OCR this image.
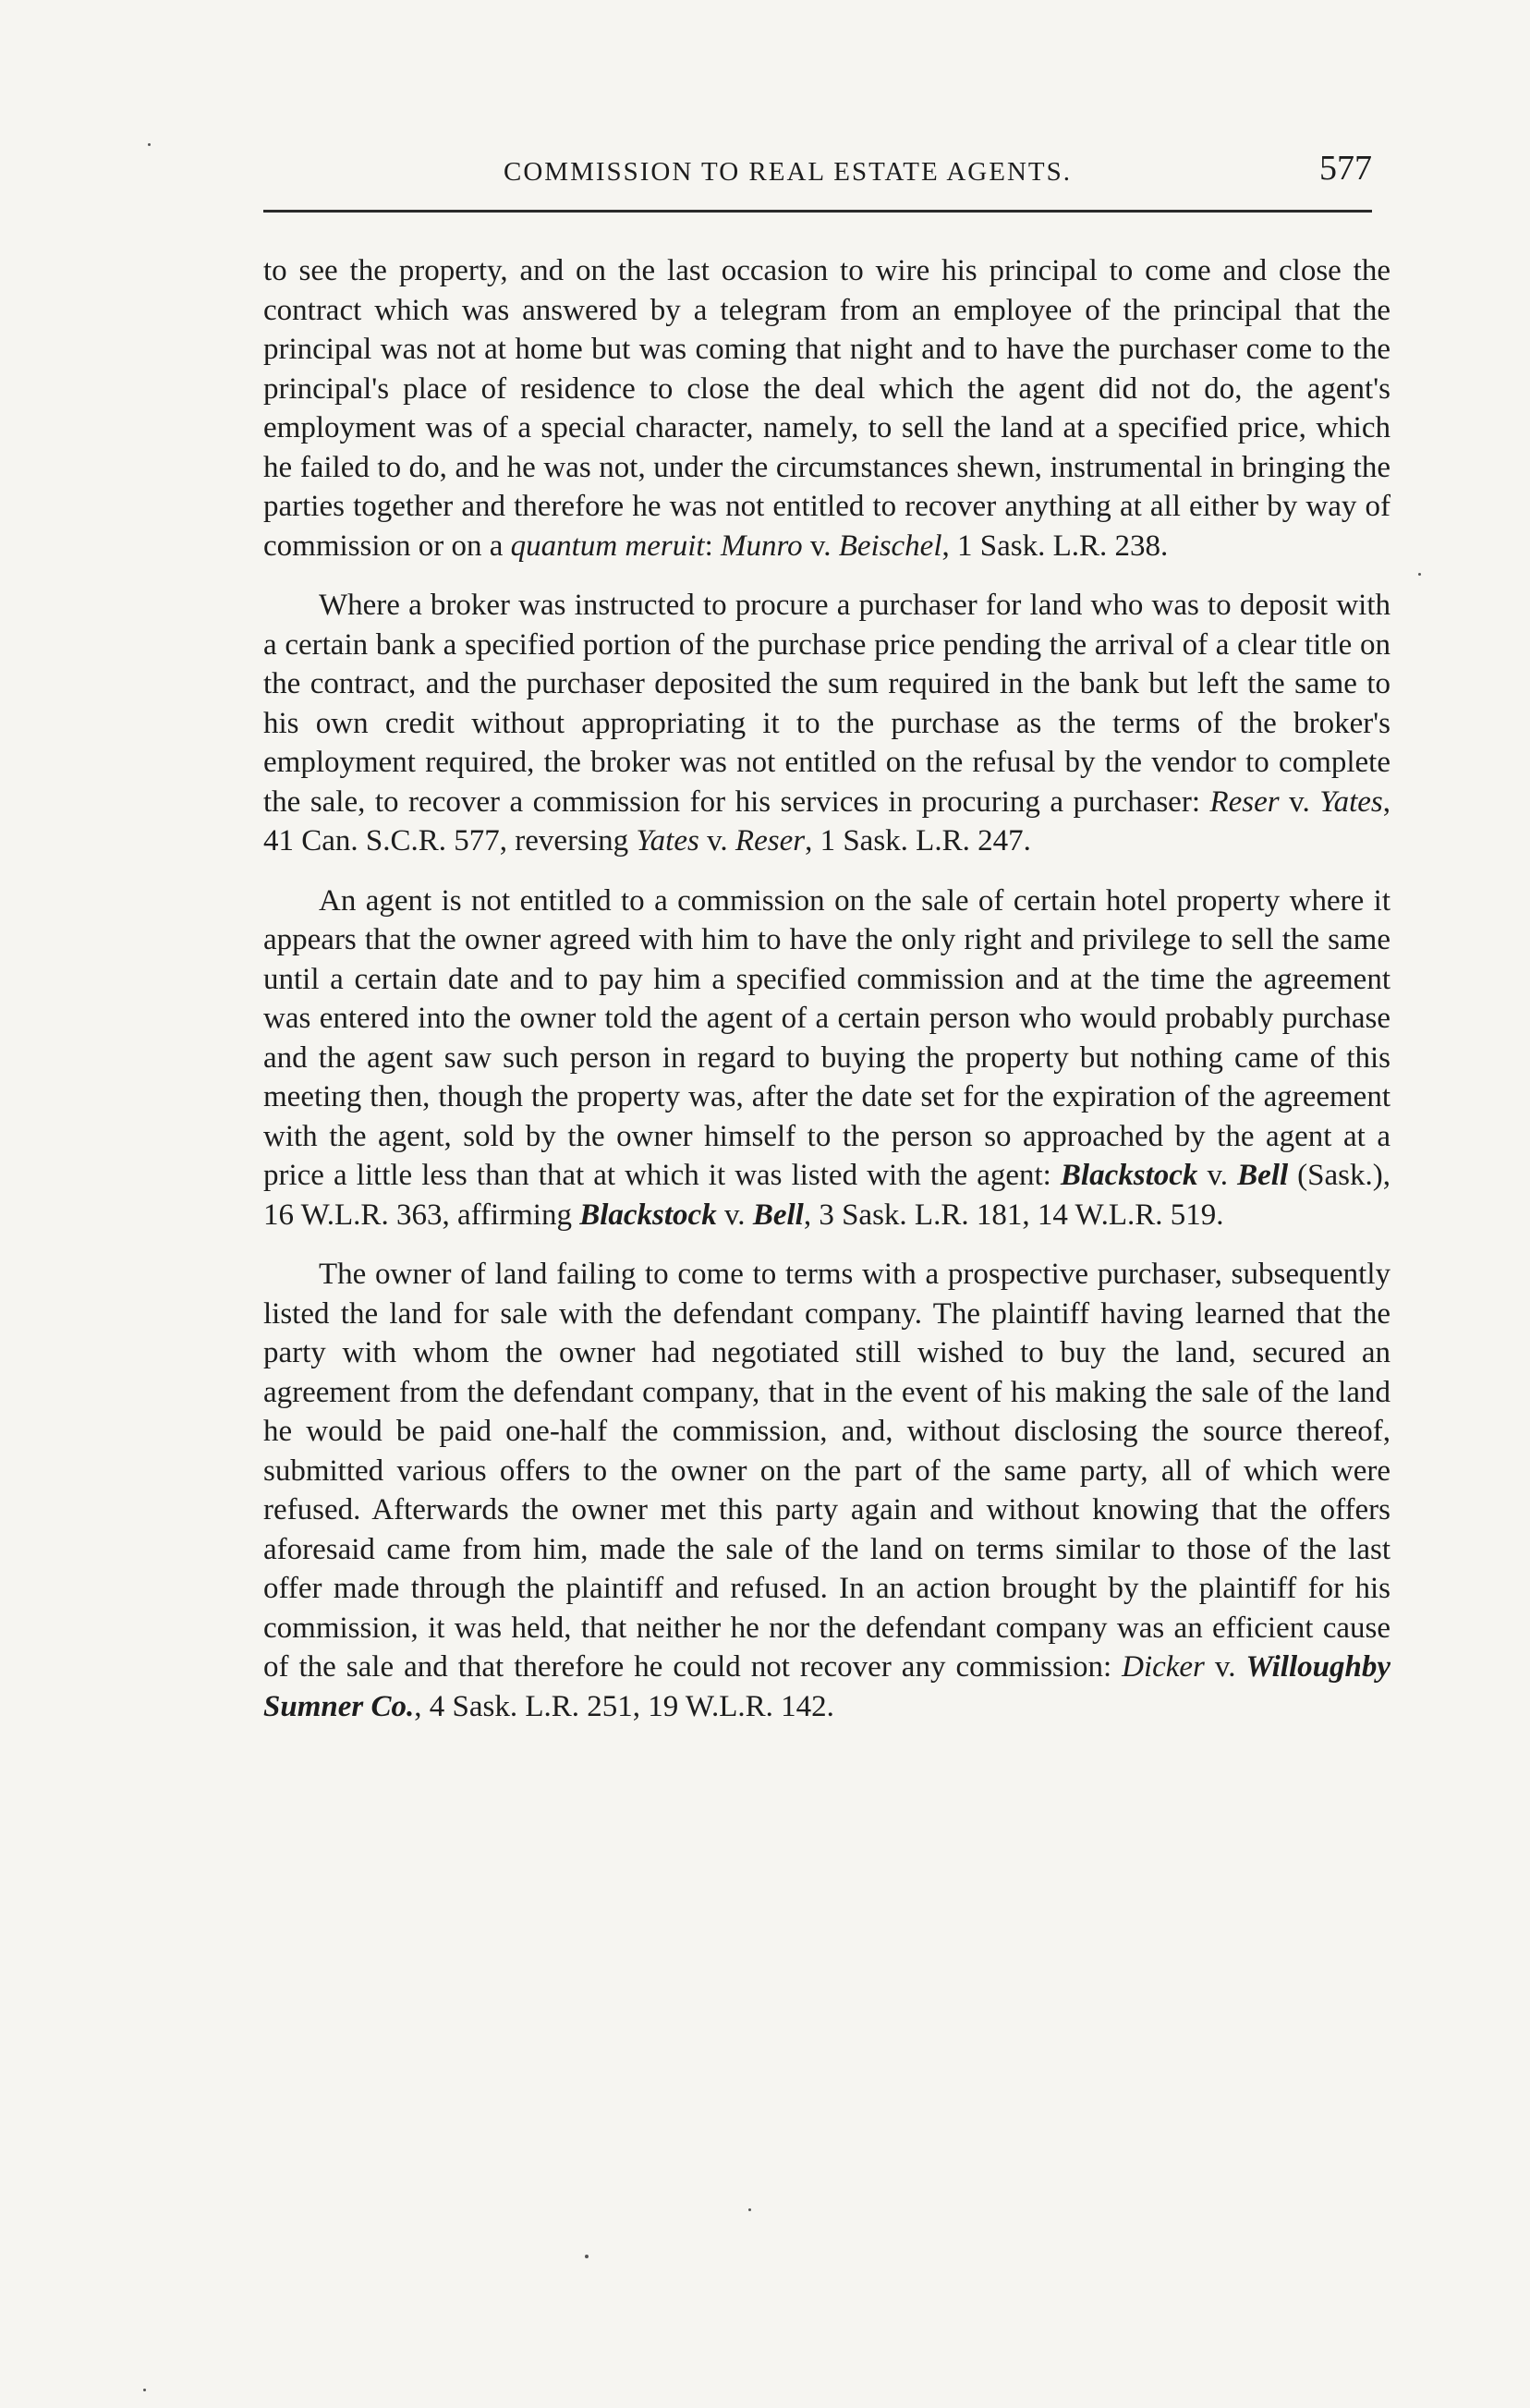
COMMISSION TO REAL ESTATE AGENTS.	577

to see the property, and on the last occasion to wire his principal to come and close the contract which was answered by a telegram from an employee of the principal that the principal was not at home but was coming that night and to have the purchaser come to the principal's place of residence to close the deal which the agent did not do, the agent's employment was of a special character, namely, to sell the land at a specified price, which he failed to do, and he was not, under the circumstances shewn, instrumental in bringing the parties together and therefore he was not entitled to recover anything at all either by way of commission or on a quantum meruit: Munro v. Beischel, 1 Sask. L.R. 238.

Where a broker was instructed to procure a purchaser for land who was to deposit with a certain bank a specified portion of the purchase price pending the arrival of a clear title on the contract, and the purchaser deposited the sum required in the bank but left the same to his own credit without appropriating it to the purchase as the terms of the broker's employment required, the broker was not entitled on the refusal by the vendor to complete the sale, to recover a commission for his services in procuring a purchaser: Reser v. Yates, 41 Can. S.C.R. 577, reversing Yates v. Reser, 1 Sask. L.R. 247.

An agent is not entitled to a commission on the sale of certain hotel property where it appears that the owner agreed with him to have the only right and privilege to sell the same until a certain date and to pay him a specified commission and at the time the agreement was entered into the owner told the agent of a certain person who would probably purchase and the agent saw such person in regard to buying the property but nothing came of this meeting then, though the property was, after the date set for the expiration of the agreement with the agent, sold by the owner himself to the person so approached by the agent at a price a little less than that at which it was listed with the agent: Blackstock v. Bell (Sask.), 16 W.L.R. 363, affirming Blackstock v. Bell, 3 Sask. L.R. 181, 14 W.L.R. 519.

The owner of land failing to come to terms with a prospective purchaser, subsequently listed the land for sale with the defendant company. The plaintiff having learned that the party with whom the owner had negotiated still wished to buy the land, secured an agreement from the defendant company, that in the event of his making the sale of the land he would be paid one-half the commission, and, without disclosing the source thereof, submitted various offers to the owner on the part of the same party, all of which were refused. Afterwards the owner met this party again and without knowing that the offers aforesaid came from him, made the sale of the land on terms similar to those of the last offer made through the plaintiff and refused. In an action brought by the plaintiff for his commission, it was held, that neither he nor the defendant company was an efficient cause of the sale and that therefore he could not recover any commission: Dicker v. Willoughby Sumner Co., 4 Sask. L.R. 251, 19 W.L.R. 142.
